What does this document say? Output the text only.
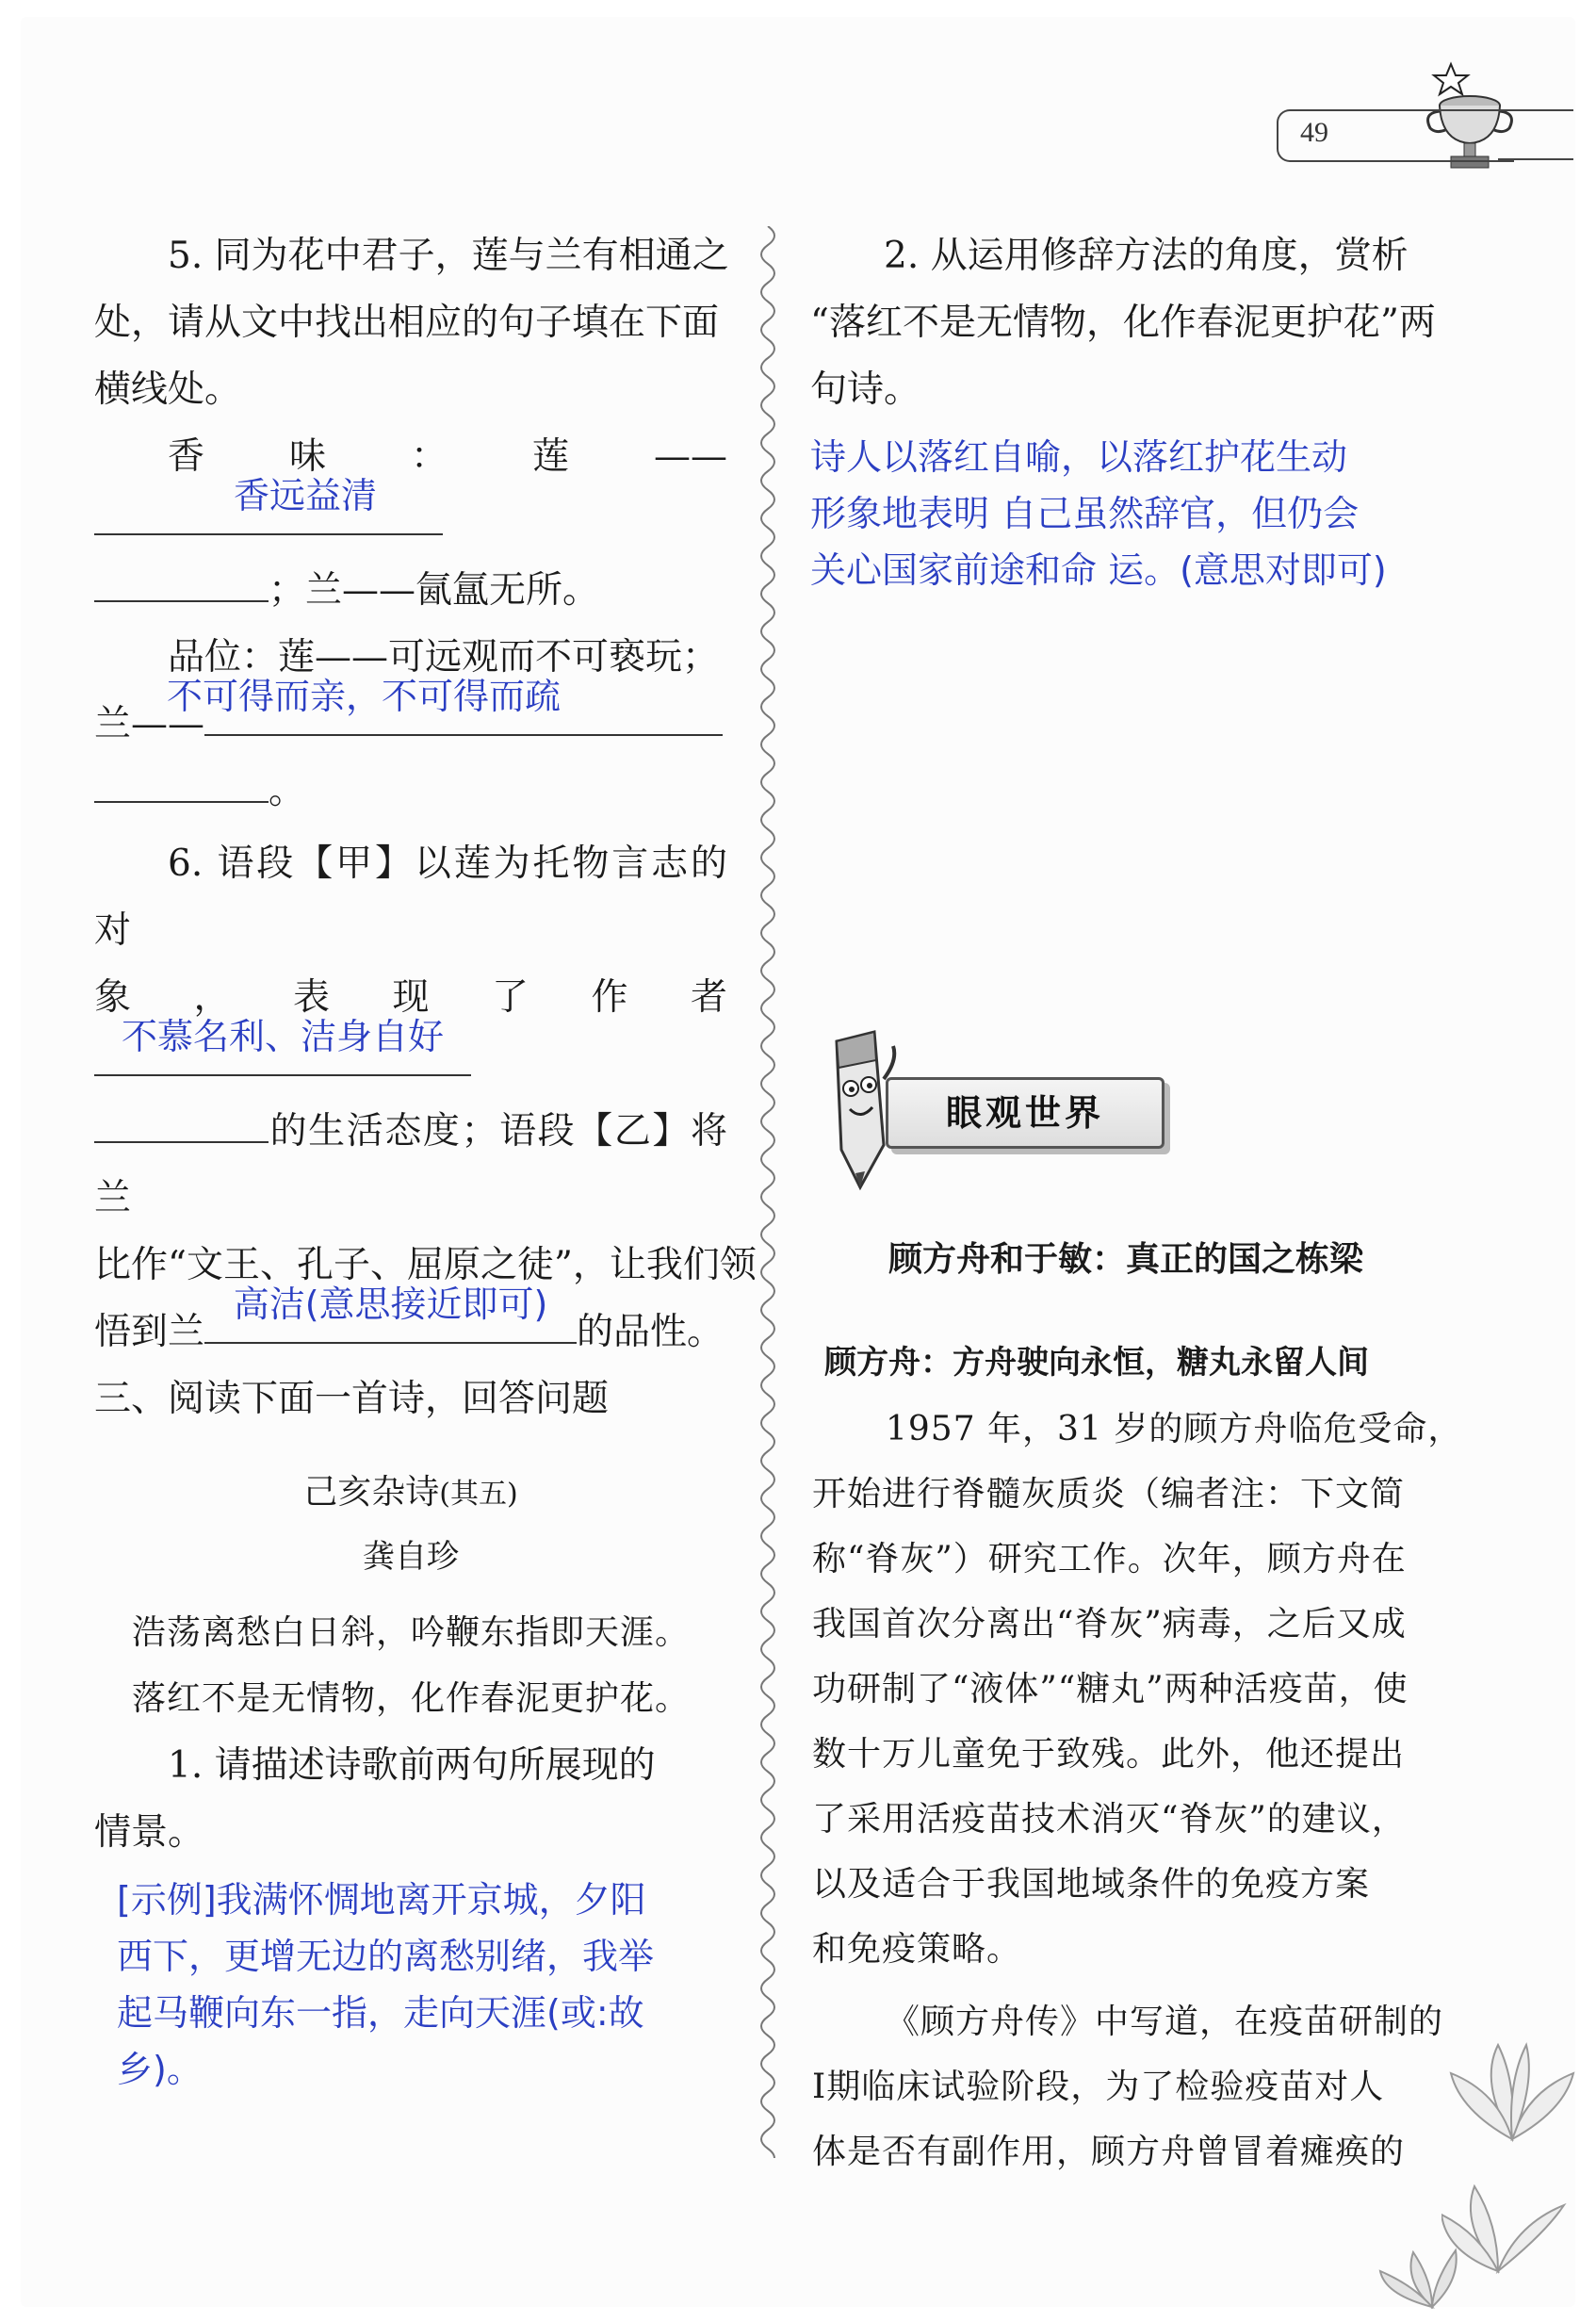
49
5. 同为花中君子，莲与兰有相通之
处，请从文中找出相应的句子填在下面
横线处。
香味：莲——
香远益清
；兰——氤氲无所。
品位：莲——可远观而不可亵玩；
兰——
不可得而亲，不可得而疏
。
6. 语段【甲】以莲为托物言志的对
象，表现了作者
不慕名利、洁身自好
的生活态度；语段【乙】将兰
比作“文王、孔子、屈原之徒”，让我们领
悟到兰
高洁(意思接近即可)
的品性。
三、阅读下面一首诗，回答问题
己亥杂诗(其五)
龚自珍
浩荡离愁白日斜，吟鞭东指即天涯。
落红不是无情物，化作春泥更护花。
1. 请描述诗歌前两句所展现的
情景。
[示例]我满怀惆地离开京城，夕阳
西下，更增无边的离愁别绪，我举
起马鞭向东一指，走向天涯(或:故
乡)。
2. 从运用修辞方法的角度，赏析
“落红不是无情物，化作春泥更护花”两
句诗。
诗人以落红自喻，以落红护花生动
形象地表明 自己虽然辞官，但仍会
关心国家前途和命 运。(意思对即可)
眼观世界
顾方舟和于敏：真正的国之栋梁
顾方舟：方舟驶向永恒，糖丸永留人间
1957 年，31 岁的顾方舟临危受命，
开始进行脊髓灰质炎（编者注：下文简
称“脊灰”）研究工作。次年，顾方舟在
我国首次分离出“脊灰”病毒，之后又成
功研制了“液体”“糖丸”两种活疫苗，使
数十万儿童免于致残。此外，他还提出
了采用活疫苗技术消灭“脊灰”的建议，
以及适合于我国地域条件的免疫方案
和免疫策略。
《顾方舟传》中写道，在疫苗研制的
Ⅰ期临床试验阶段，为了检验疫苗对人
体是否有副作用，顾方舟曾冒着瘫痪的
